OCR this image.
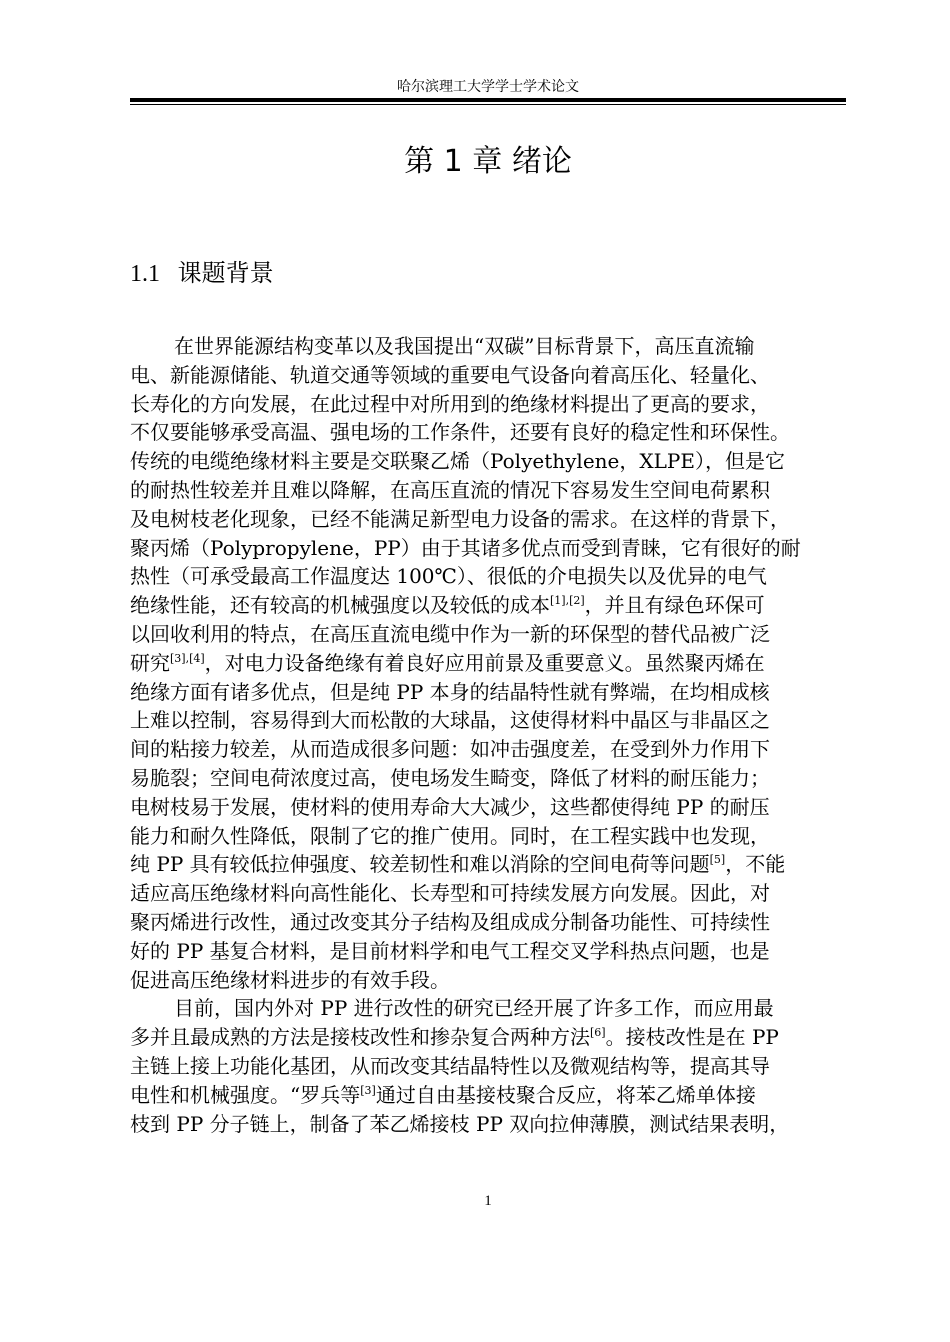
哈尔滨理工大学学士学术论文
第 1 章 绪论
1.1 课题背景
在世界能源结构变革以及我国提出“双碳”目标背景下，高压直流输
电、新能源储能、轨道交通等领域的重要电气设备向着高压化、轻量化、
长寿化的方向发展，在此过程中对所用到的绝缘材料提出了更高的要求，
不仅要能够承受高温、强电场的工作条件，还要有良好的稳定性和环保性。
传统的电缆绝缘材料主要是交联聚乙烯（Polyethylene，XLPE），但是它
的耐热性较差并且难以降解，在高压直流的情况下容易发生空间电荷累积
及电树枝老化现象，已经不能满足新型电力设备的需求。在这样的背景下，
聚丙烯（Polypropylene，PP）由于其诸多优点而受到青睐，它有很好的耐
热性（可承受最高工作温度达 100℃）、很低的介电损失以及优异的电气
绝缘性能，还有较高的机械强度以及较低的成本[1],[2]，并且有绿色环保可
以回收利用的特点，在高压直流电缆中作为一新的环保型的替代品被广泛
研究[3],[4]，对电力设备绝缘有着良好应用前景及重要意义。虽然聚丙烯在
绝缘方面有诸多优点，但是纯 PP 本身的结晶特性就有弊端，在均相成核
上难以控制，容易得到大而松散的大球晶，这使得材料中晶区与非晶区之
间的粘接力较差，从而造成很多问题：如冲击强度差，在受到外力作用下
易脆裂；空间电荷浓度过高，使电场发生畸变，降低了材料的耐压能力；
电树枝易于发展，使材料的使用寿命大大减少，这些都使得纯 PP 的耐压
能力和耐久性降低，限制了它的推广使用。同时，在工程实践中也发现，
纯 PP 具有较低拉伸强度、较差韧性和难以消除的空间电荷等问题[5]，不能
适应高压绝缘材料向高性能化、长寿型和可持续发展方向发展。因此，对
聚丙烯进行改性，通过改变其分子结构及组成成分制备功能性、可持续性
好的 PP 基复合材料，是目前材料学和电气工程交叉学科热点问题，也是
促进高压绝缘材料进步的有效手段。
目前，国内外对 PP 进行改性的研究已经开展了许多工作，而应用最
多并且最成熟的方法是接枝改性和掺杂复合两种方法[6]。接枝改性是在 PP
主链上接上功能化基团，从而改变其结晶特性以及微观结构等，提高其导
电性和机械强度。“罗兵等[3]通过自由基接枝聚合反应，将苯乙烯单体接
枝到 PP 分子链上，制备了苯乙烯接枝 PP 双向拉伸薄膜，测试结果表明，
1
